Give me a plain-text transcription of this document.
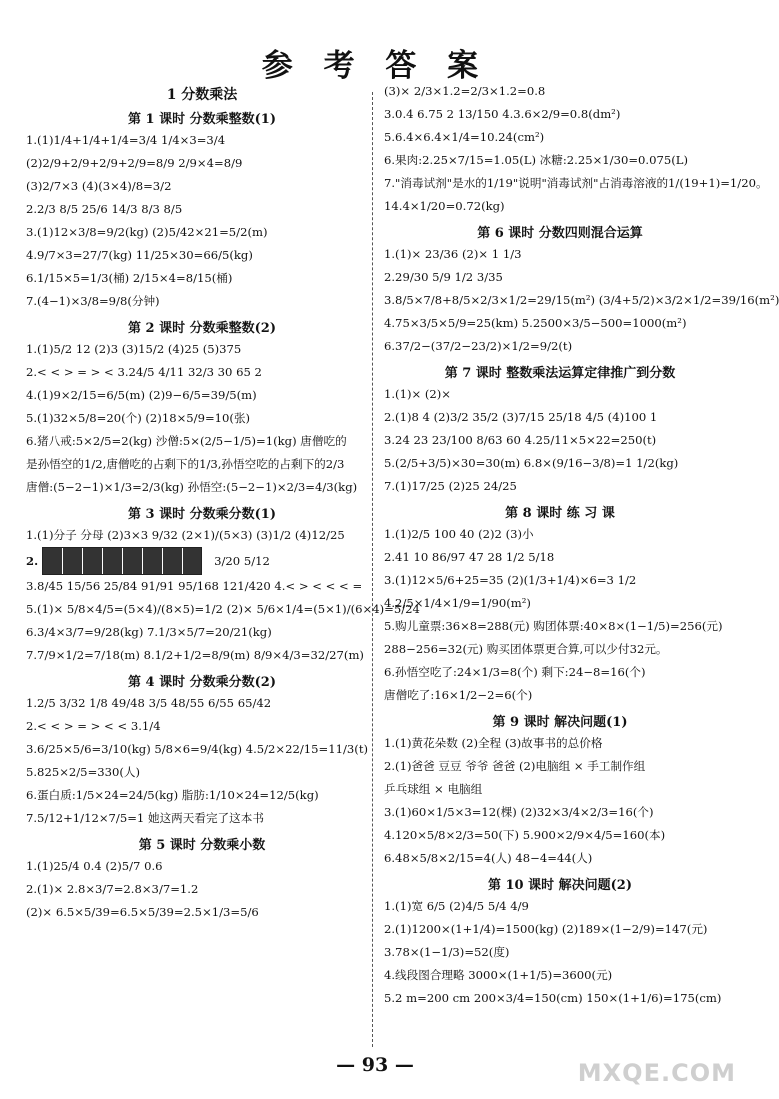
参 考 答 案
1 分数乘法
第 1 课时 分数乘整数(1)
1.(1)1/4+1/4+1/4=3/4 1/4×3=3/4
(2)2/9+2/9+2/9+2/9=8/9 2/9×4=8/9
(3)2/7×3 (4)(3×4)/8=3/2
2.2/3 8/5 25/6 14/3 8/3 8/5
3.(1)12×3/8=9/2(kg) (2)5/42×21=5/2(m)
4.9/7×3=27/7(kg) 11/25×30=66/5(kg)
6.1/15×5=1/3(桶) 2/15×4=8/15(桶)
7.(4−1)×3/8=9/8(分钟)
第 2 课时 分数乘整数(2)
1.(1)5/2 12 (2)3 (3)15/2 (4)25 (5)375
2.< < > = > < 3.24/5 4/11 32/3 30 65 2
4.(1)9×2/15=6/5(m) (2)9−6/5=39/5(m)
5.(1)32×5/8=20(个) (2)18×5/9=10(张)
6.猪八戒:5×2/5=2(kg) 沙僧:5×(2/5−1/5)=1(kg) 唐僧吃的
是孙悟空的1/2,唐僧吃的占剩下的1/3,孙悟空吃的占剩下的2/3
唐僧:(5−2−1)×1/3=2/3(kg) 孙悟空:(5−2−1)×2/3=4/3(kg)
第 3 课时 分数乘分数(1)
1.(1)分子 分母 (2)3×3 9/32 (2×1)/(5×3) (3)1/2 (4)12/25
2.	3/20 5/12
3.8/45 15/56 25/84 91/91 95/168 121/420 4.< > < < < =
5.(1)× 5/8×4/5=(5×4)/(8×5)=1/2 (2)× 5/6×1/4=(5×1)/(6×4)=5/24
6.3/4×3/7=9/28(kg) 7.1/3×5/7=20/21(kg)
7.7/9×1/2=7/18(m) 8.1/2+1/2=8/9(m) 8/9×4/3=32/27(m)
第 4 课时 分数乘分数(2)
1.2/5 3/32 1/8 49/48 3/5 48/55 6/55 65/42
2.< < > = > < < 3.1/4
3.6/25×5/6=3/10(kg) 5/8×6=9/4(kg) 4.5/2×22/15=11/3(t)
5.825×2/5=330(人)
6.蛋白质:1/5×24=24/5(kg) 脂肪:1/10×24=12/5(kg)
7.5/12+1/12×7/5=1 她这两天看完了这本书
第 5 课时 分数乘小数
1.(1)25/4 0.4 (2)5/7 0.6
2.(1)× 2.8×3/7=2.8×3/7=1.2
(2)× 6.5×5/39=6.5×5/39=2.5×1/3=5/6
(3)× 2/3×1.2=2/3×1.2=0.8
3.0.4 6.75 2 13/150 4.3.6×2/9=0.8(dm²)
5.6.4×6.4×1/4=10.24(cm²)
6.果肉:2.25×7/15=1.05(L) 冰糖:2.25×1/30=0.075(L)
7."消毒试剂"是水的1/19"说明"消毒试剂"占消毒溶液的1/(19+1)=1/20。
14.4×1/20=0.72(kg)
第 6 课时 分数四则混合运算
1.(1)× 23/36 (2)× 1 1/3
2.29/30 5/9 1/2 3/35
3.8/5×7/8+8/5×2/3×1/2=29/15(m²) (3/4+5/2)×3/2×1/2=39/16(m²)
4.75×3/5×5/9=25(km) 5.2500×3/5−500=1000(m²)
6.37/2−(37/2−23/2)×1/2=9/2(t)
第 7 课时 整数乘法运算定律推广到分数
1.(1)× (2)×
2.(1)8 4 (2)3/2 35/2 (3)7/15 25/18 4/5 (4)100 1
3.24 23 23/100 8/63 60 4.25/11×5×22=250(t)
5.(2/5+3/5)×30=30(m) 6.8×(9/16−3/8)=1 1/2(kg)
7.(1)17/25 (2)25 24/25
第 8 课时 练 习 课
1.(1)2/5 100 40 (2)2 (3)小
2.41 10 86/97 47 28 1/2 5/18
3.(1)12×5/6+25=35 (2)(1/3+1/4)×6=3 1/2
4.2/5×1/4×1/9=1/90(m²)
5.购儿童票:36×8=288(元) 购团体票:40×8×(1−1/5)=256(元)
288−256=32(元) 购买团体票更合算,可以少付32元。
6.孙悟空吃了:24×1/3=8(个) 剩下:24−8=16(个)
唐僧吃了:16×1/2−2=6(个)
第 9 课时 解决问题(1)
1.(1)黄花朵数 (2)全程 (3)故事书的总价格
2.(1)爸爸 豆豆 爷爷 爸爸 (2)电脑组 × 手工制作组
乒乓球组 × 电脑组
3.(1)60×1/5×3=12(棵) (2)32×3/4×2/3=16(个)
4.120×5/8×2/3=50(下) 5.900×2/9×4/5=160(本)
6.48×5/8×2/15=4(人) 48−4=44(人)
第 10 课时 解决问题(2)
1.(1)宽 6/5 (2)4/5 5/4 4/9
2.(1)1200×(1+1/4)=1500(kg) (2)189×(1−2/9)=147(元)
3.78×(1−1/3)=52(度)
4.线段图合理略 3000×(1+1/5)=3600(元)
5.2 m=200 cm 200×3/4=150(cm) 150×(1+1/6)=175(cm)
— 93 —	MXQE.COM
